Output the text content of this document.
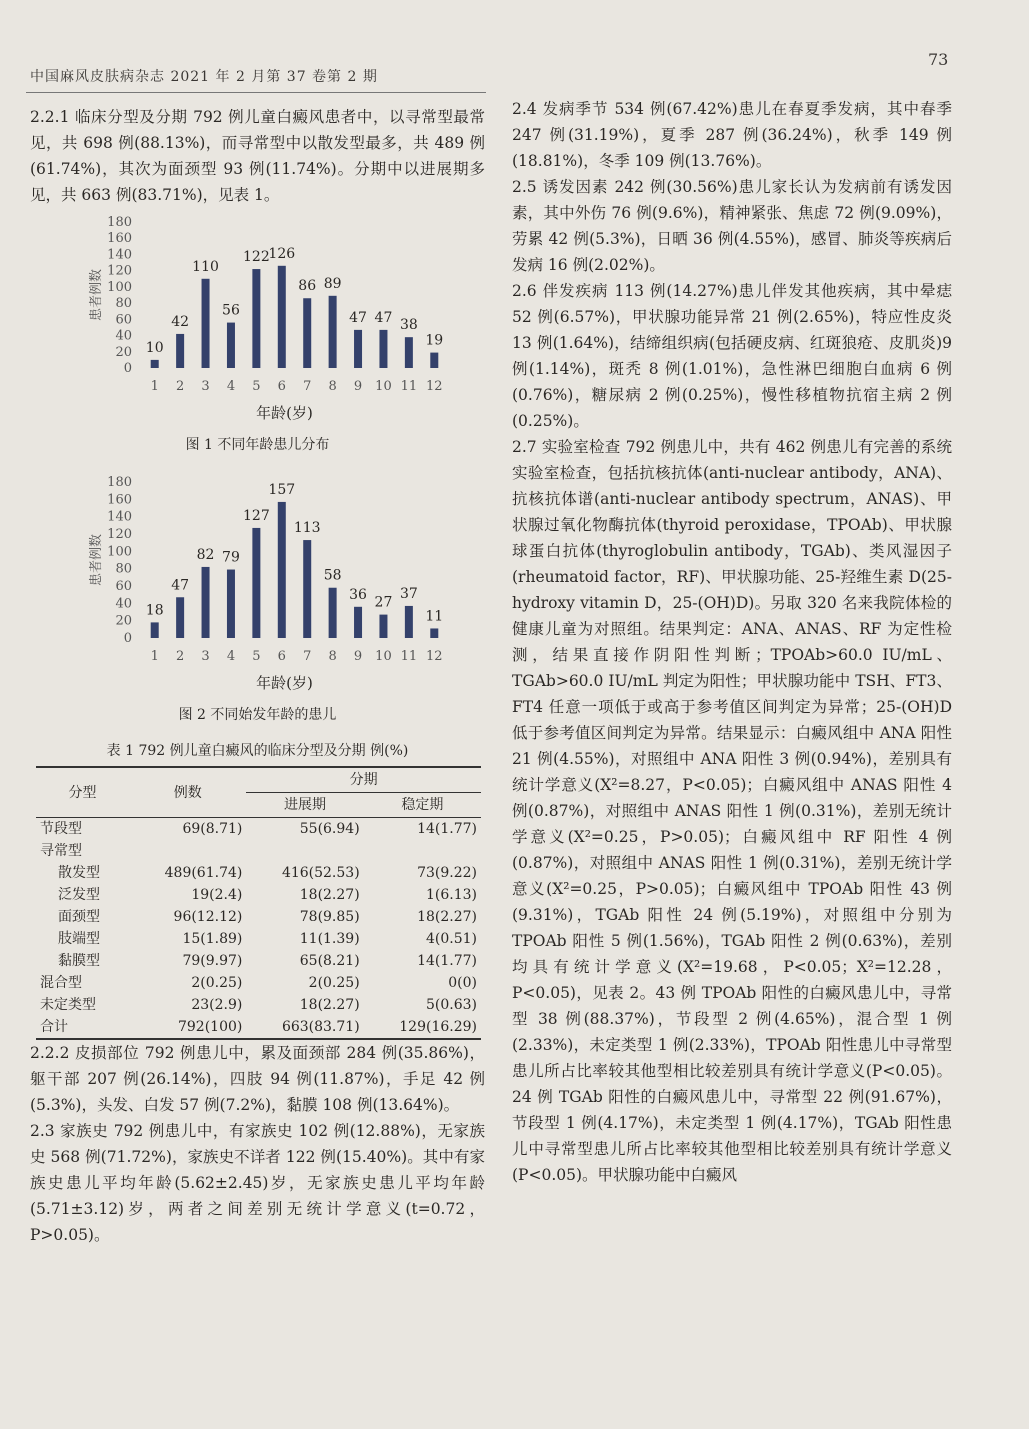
中国麻风皮肤病杂志 2021 年 2 月第 37 卷第 2 期
73

2.2.1 临床分型及分期 792 例儿童白癜风患者中，以寻常型最常见，共 698 例(88.13%)，而寻常型中以散发型最多，共 489 例(61.74%)，其次为面颈型 93 例(11.74%)。分期中以进展期多见，共 663 例(83.71%)，见表 1。

0
20
40
60
80
100
120
140
160
180
患者例数
10
1
42
2
110
3
56
4
122
5
126
6
86
7
89
8
47
9
47
10
38
11
19
12
年龄(岁)
图 1 不同年龄患儿分布
0
20
40
60
80
100
120
140
160
180
患者例数
18
1
47
2
82
3
79
4
127
5
157
6
113
7
58
8
36
9
27
10
37
11
11
12
年龄(岁)
图 2 不同始发年龄的患儿
表 1 792 例儿童白癜风的临床分型及分期 例(%)
分型	例数	分期	
		进展期	稳定期
节段型	69(8.71)	55(6.94)	14(1.77)
寻常型			
散发型	489(61.74)	416(52.53)	73(9.22)
泛发型	19(2.4)	18(2.27)	1(6.13)
面颈型	96(12.12)	78(9.85)	18(2.27)
肢端型	15(1.89)	11(1.39)	4(0.51)
黏膜型	79(9.97)	65(8.21)	14(1.77)
混合型	2(0.25)	2(0.25)	0(0)
未定类型	23(2.9)	18(2.27)	5(0.63)
合计	792(100)	663(83.71)	129(16.29)

2.2.2 皮损部位 792 例患儿中，累及面颈部 284 例(35.86%)，躯干部 207 例(26.14%)，四肢 94 例(11.87%)，手足 42 例(5.3%)，头发、白发 57 例(7.2%)，黏膜 108 例(13.64%)。

2.3 家族史 792 例患儿中，有家族史 102 例(12.88%)，无家族史 568 例(71.72%)，家族史不详者 122 例(15.40%)。其中有家族史患儿平均年龄(5.62±2.45)岁，无家族史患儿平均年龄(5.71±3.12)岁，两者之间差别无统计学意义(t=0.72，P>0.05)。

2.4 发病季节 534 例(67.42%)患儿在春夏季发病，其中春季 247 例(31.19%)，夏季 287 例(36.24%)，秋季 149 例(18.81%)，冬季 109 例(13.76%)。

2.5 诱发因素 242 例(30.56%)患儿家长认为发病前有诱发因素，其中外伤 76 例(9.6%)，精神紧张、焦虑 72 例(9.09%)，劳累 42 例(5.3%)，日晒 36 例(4.55%)，感冒、肺炎等疾病后发病 16 例(2.02%)。

2.6 伴发疾病 113 例(14.27%)患儿伴发其他疾病，其中晕痣 52 例(6.57%)，甲状腺功能异常 21 例(2.65%)，特应性皮炎 13 例(1.64%)，结缔组织病(包括硬皮病、红斑狼疮、皮肌炎)9 例(1.14%)，斑秃 8 例(1.01%)，急性淋巴细胞白血病 6 例(0.76%)，糖尿病 2 例(0.25%)，慢性移植物抗宿主病 2 例(0.25%)。

2.7 实验室检查 792 例患儿中，共有 462 例患儿有完善的系统实验室检查，包括抗核抗体(anti-nuclear antibody，ANA)、抗核抗体谱(anti-nuclear antibody spectrum，ANAS)、甲状腺过氧化物酶抗体(thyroid peroxidase，TPOAb)、甲状腺球蛋白抗体(thyroglobulin antibody，TGAb)、类风湿因子(rheumatoid factor，RF)、甲状腺功能、25-羟维生素 D(25-hydroxy vitamin D，25-(OH)D)。另取 320 名来我院体检的健康儿童为对照组。结果判定：ANA、ANAS、RF 为定性检测，结果直接作阴阳性判断；TPOAb>60.0 IU/mL、TGAb>60.0 IU/mL 判定为阳性；甲状腺功能中 TSH、FT3、FT4 任意一项低于或高于参考值区间判定为异常；25-(OH)D 低于参考值区间判定为异常。结果显示：白癜风组中 ANA 阳性 21 例(4.55%)，对照组中 ANA 阳性 3 例(0.94%)，差别具有统计学意义(X²=8.27，P<0.05)；白癜风组中 ANAS 阳性 4 例(0.87%)，对照组中 ANAS 阳性 1 例(0.31%)，差别无统计学意义(X²=0.25，P>0.05)；白癜风组中 RF 阳性 4 例(0.87%)，对照组中 ANAS 阳性 1 例(0.31%)，差别无统计学意义(X²=0.25，P>0.05)；白癜风组中 TPOAb 阳性 43 例(9.31%)，TGAb 阳性 24 例(5.19%)，对照组中分别为 TPOAb 阳性 5 例(1.56%)，TGAb 阳性 2 例(0.63%)，差别均具有统计学意义(X²=19.68，P<0.05；X²=12.28，P<0.05)，见表 2。43 例 TPOAb 阳性的白癜风患儿中，寻常型 38 例(88.37%)，节段型 2 例(4.65%)，混合型 1 例(2.33%)，未定类型 1 例(2.33%)，TPOAb 阳性患儿中寻常型患儿所占比率较其他型相比较差别具有统计学意义(P<0.05)。24 例 TGAb 阳性的白癜风患儿中，寻常型 22 例(91.67%)，节段型 1 例(4.17%)，未定类型 1 例(4.17%)，TGAb 阳性患儿中寻常型患儿所占比率较其他型相比较差别具有统计学意义(P<0.05)。甲状腺功能中白癜风
